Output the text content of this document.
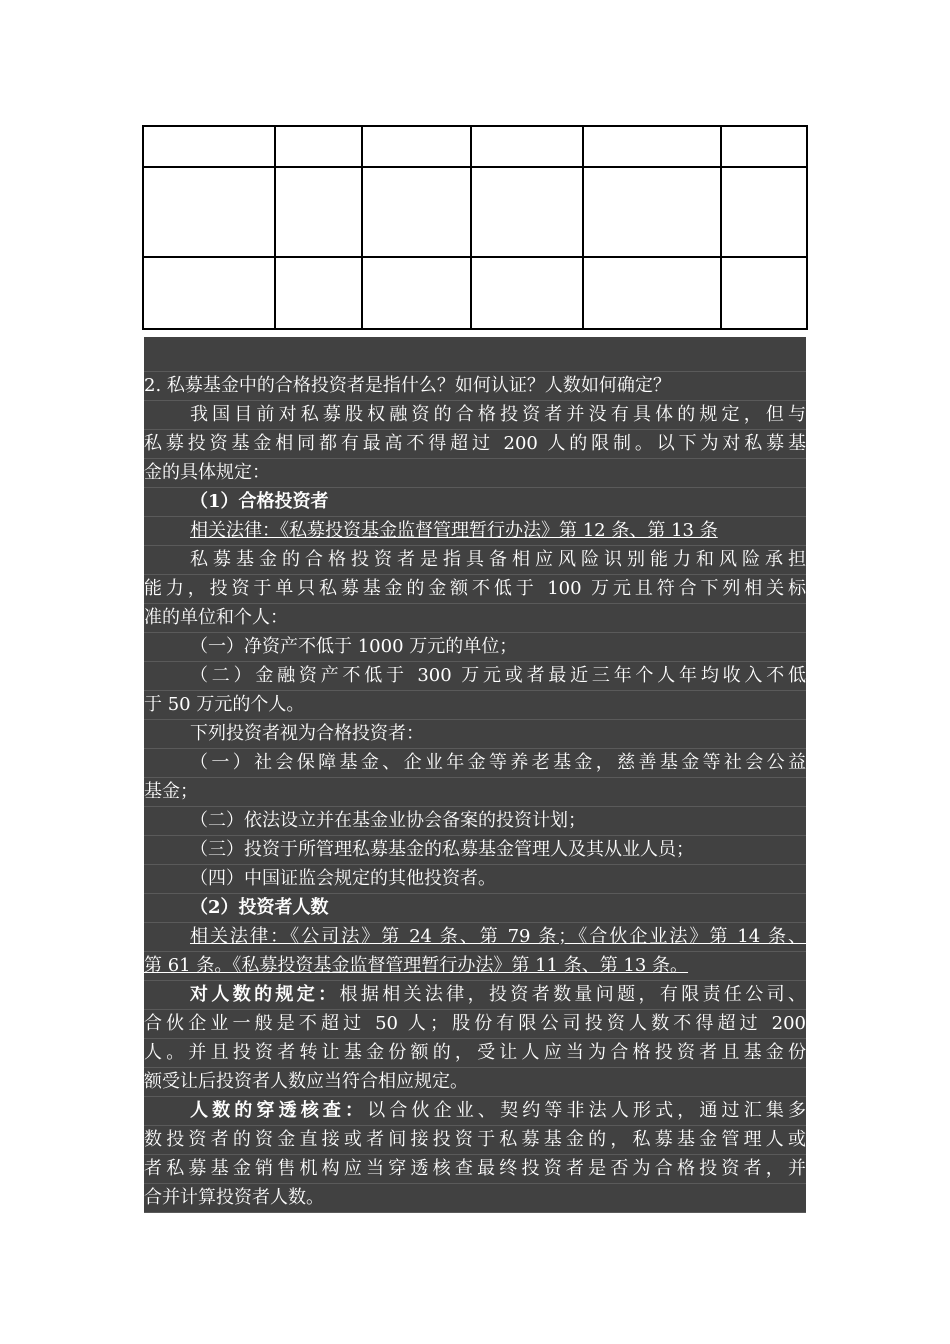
2. 私募基金中的合格投资者是指什么？如何认证？人数如何确定？
我国目前对私募股权融资的合格投资者并没有具体的规定，但与
私募投资基金相同都有最高不得超过 200 人的限制。以下为对私募基
金的具体规定：
（1）合格投资者
相关法律：《私募投资基金监督管理暂行办法》第 12 条、第 13 条
私募基金的合格投资者是指具备相应风险识别能力和风险承担
能力，投资于单只私募基金的金额不低于 100 万元且符合下列相关标
准的单位和个人：
（一）净资产不低于 1000 万元的单位；
（二）金融资产不低于 300 万元或者最近三年个人年均收入不低
于 50 万元的个人。
下列投资者视为合格投资者：
（一）社会保障基金、企业年金等养老基金，慈善基金等社会公益
基金；
（二）依法设立并在基金业协会备案的投资计划；
（三）投资于所管理私募基金的私募基金管理人及其从业人员；
（四）中国证监会规定的其他投资者。
（2）投资者人数
相关法律：《公司法》第 24 条、第 79 条；《合伙企业法》第 14 条、
第 61 条。《私募投资基金监督管理暂行办法》第 11 条、第 13 条。
对人数的规定：根据相关法律，投资者数量问题，有限责任公司、
合伙企业一般是不超过 50 人；股份有限公司投资人数不得超过 200
人。并且投资者转让基金份额的，受让人应当为合格投资者且基金份
额受让后投资者人数应当符合相应规定。
人数的穿透核查：以合伙企业、契约等非法人形式，通过汇集多
数投资者的资金直接或者间接投资于私募基金的，私募基金管理人或
者私募基金销售机构应当穿透核查最终投资者是否为合格投资者，并
合并计算投资者人数。
